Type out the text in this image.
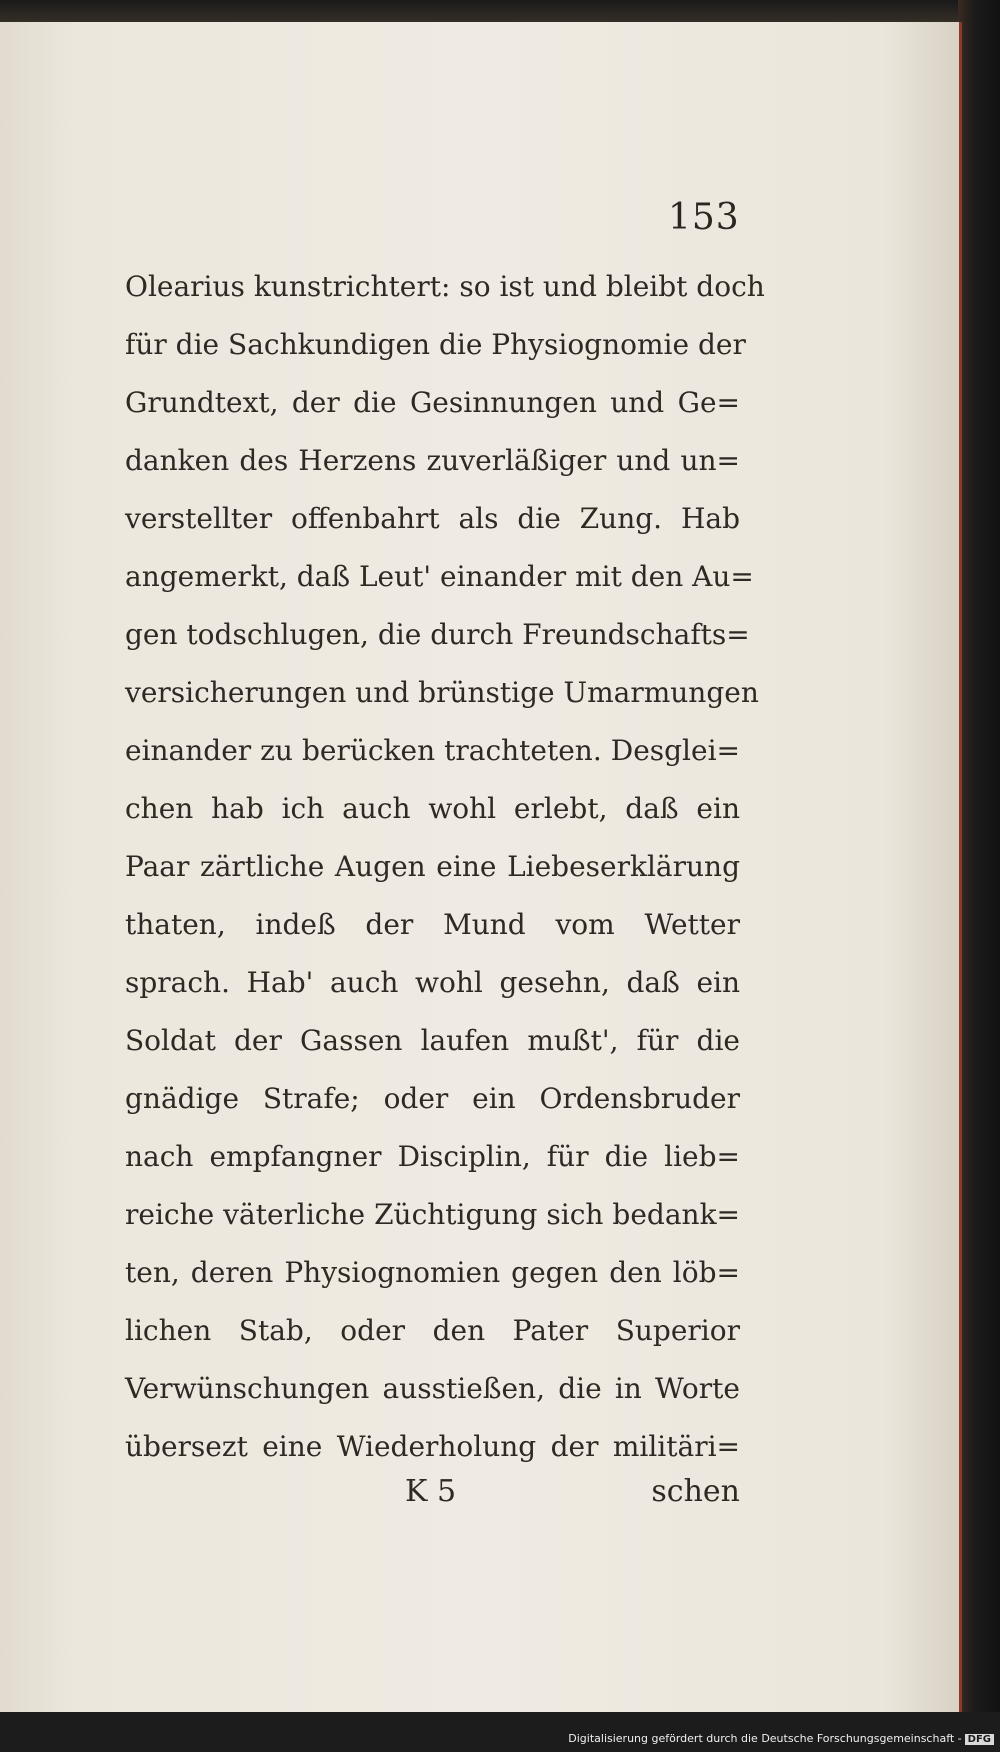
153
Olearius kunstrichtert: so ist und bleibt doch
für die Sachkundigen die Physiognomie der
Grundtext, der die Gesinnungen und Ge=
danken des Herzens zuverläßiger und un=
verstellter offenbahrt als die Zung. Hab
angemerkt, daß Leut' einander mit den Au=
gen todschlugen, die durch Freundschafts=
versicherungen und brünstige Umarmungen
einander zu berücken trachteten. Desglei=
chen hab ich auch wohl erlebt, daß ein
Paar zärtliche Augen eine Liebeserklärung
thaten, indeß der Mund vom Wetter
sprach. Hab' auch wohl gesehn, daß ein
Soldat der Gassen laufen mußt', für die
gnädige Strafe; oder ein Ordensbruder
nach empfangner Disciplin, für die lieb=
reiche väterliche Züchtigung sich bedank=
ten, deren Physiognomien gegen den löb=
lichen Stab, oder den Pater Superior
Verwünschungen ausstießen, die in Worte
übersezt eine Wiederholung der militäri=
K 5	schen
Digitalisierung gefördert durch die Deutsche Forschungsgemeinschaft - DFG
